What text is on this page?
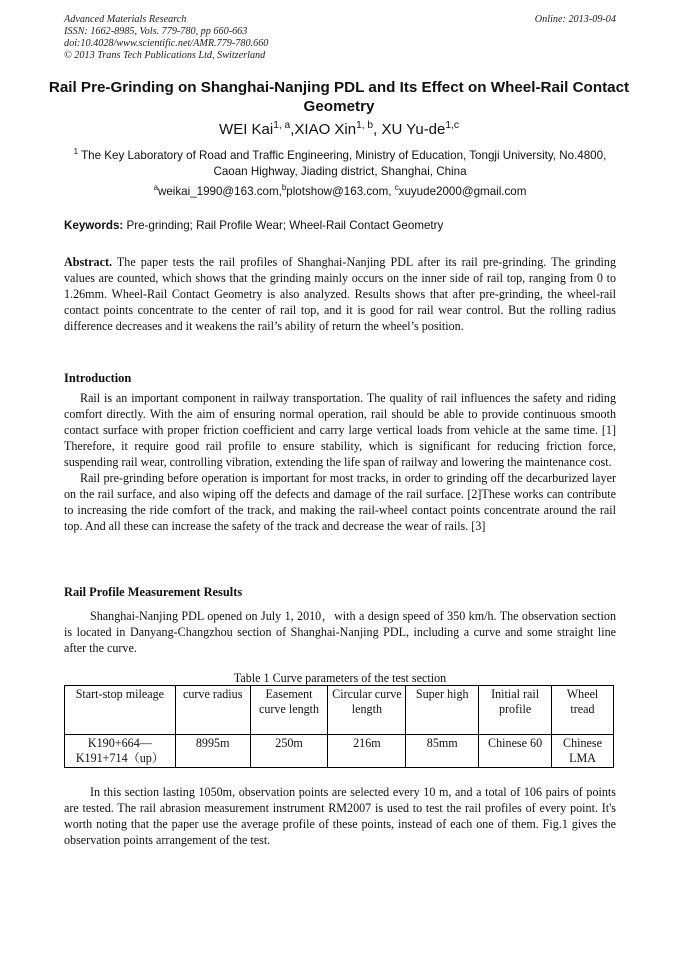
Advanced Materials Research
ISSN: 1662-8985, Vols. 779-780, pp 660-663
doi:10.4028/www.scientific.net/AMR.779-780.660
© 2013 Trans Tech Publications Ltd, Switzerland
Online: 2013-09-04
Rail Pre-Grinding on Shanghai-Nanjing PDL and Its Effect on Wheel-Rail Contact Geometry
WEI Kai$^{1, a}$,XIAO Xin$^{1, b}$, XU Yu-de$^{1,c}$
$^1$ The Key Laboratory of Road and Traffic Engineering, Ministry of Education, Tongji University, No.4800, Caoan Highway, Jiading district, Shanghai, China
$^a$weikai_1990@163.com,$^b$plotshow@163.com, $^c$xuyude2000@gmail.com
Keywords: Pre-grinding; Rail Profile Wear; Wheel-Rail Contact Geometry
Abstract. The paper tests the rail profiles of Shanghai-Nanjing PDL after its rail pre-grinding. The grinding values are counted, which shows that the grinding mainly occurs on the inner side of rail top, ranging from 0 to 1.26mm. Wheel-Rail Contact Geometry is also analyzed. Results shows that after pre-grinding, the wheel-rail contact points concentrate to the center of rail top, and it is good for rail wear control. But the rolling radius difference decreases and it weakens the rail’s ability of return the wheel’s position.
Introduction

Rail is an important component in railway transportation. The quality of rail influences the safety and riding comfort directly. With the aim of ensuring normal operation, rail should be able to provide continuous smooth contact surface with proper friction coefficient and carry large vertical loads from vehicle at the same time. [1] Therefore, it require good rail profile to ensure stability, which is significant for reducing friction force, suspending rail wear, controlling vibration, extending the life span of railway and lowering the maintenance cost.

Rail pre-grinding before operation is important for most tracks, in order to grinding off the decarburized layer on the rail surface, and also wiping off the defects and damage of the rail surface. [2]These works can contribute to increasing the ride comfort of the track, and making the rail-wheel contact points concentrate around the rail top. And all these can increase the safety of the track and decrease the wear of rails. [3]

Rail Profile Measurement Results

Shanghai-Nanjing PDL opened on July 1, 2010，with a design speed of 350 km/h. The observation section is located in Danyang-Changzhou section of Shanghai-Nanjing PDL, including a curve and some straight line after the curve.

Table 1 Curve parameters of the test section
Start-stop mileage	curve radius	Easement curve length	Circular curve length	Super high	Initial rail profile	Wheel tread
K190+664— K191+714（up）	8995m	250m	216m	85mm	Chinese 60	Chinese LMA

In this section lasting 1050m, observation points are selected every 10 m, and a total of 106 pairs of points are tested. The rail abrasion measurement instrument RM2007 is used to test the rail profiles of every point. It's worth noting that the paper use the average profile of these points, instead of each one of them. Fig.1 gives the observation points arrangement of the test.
